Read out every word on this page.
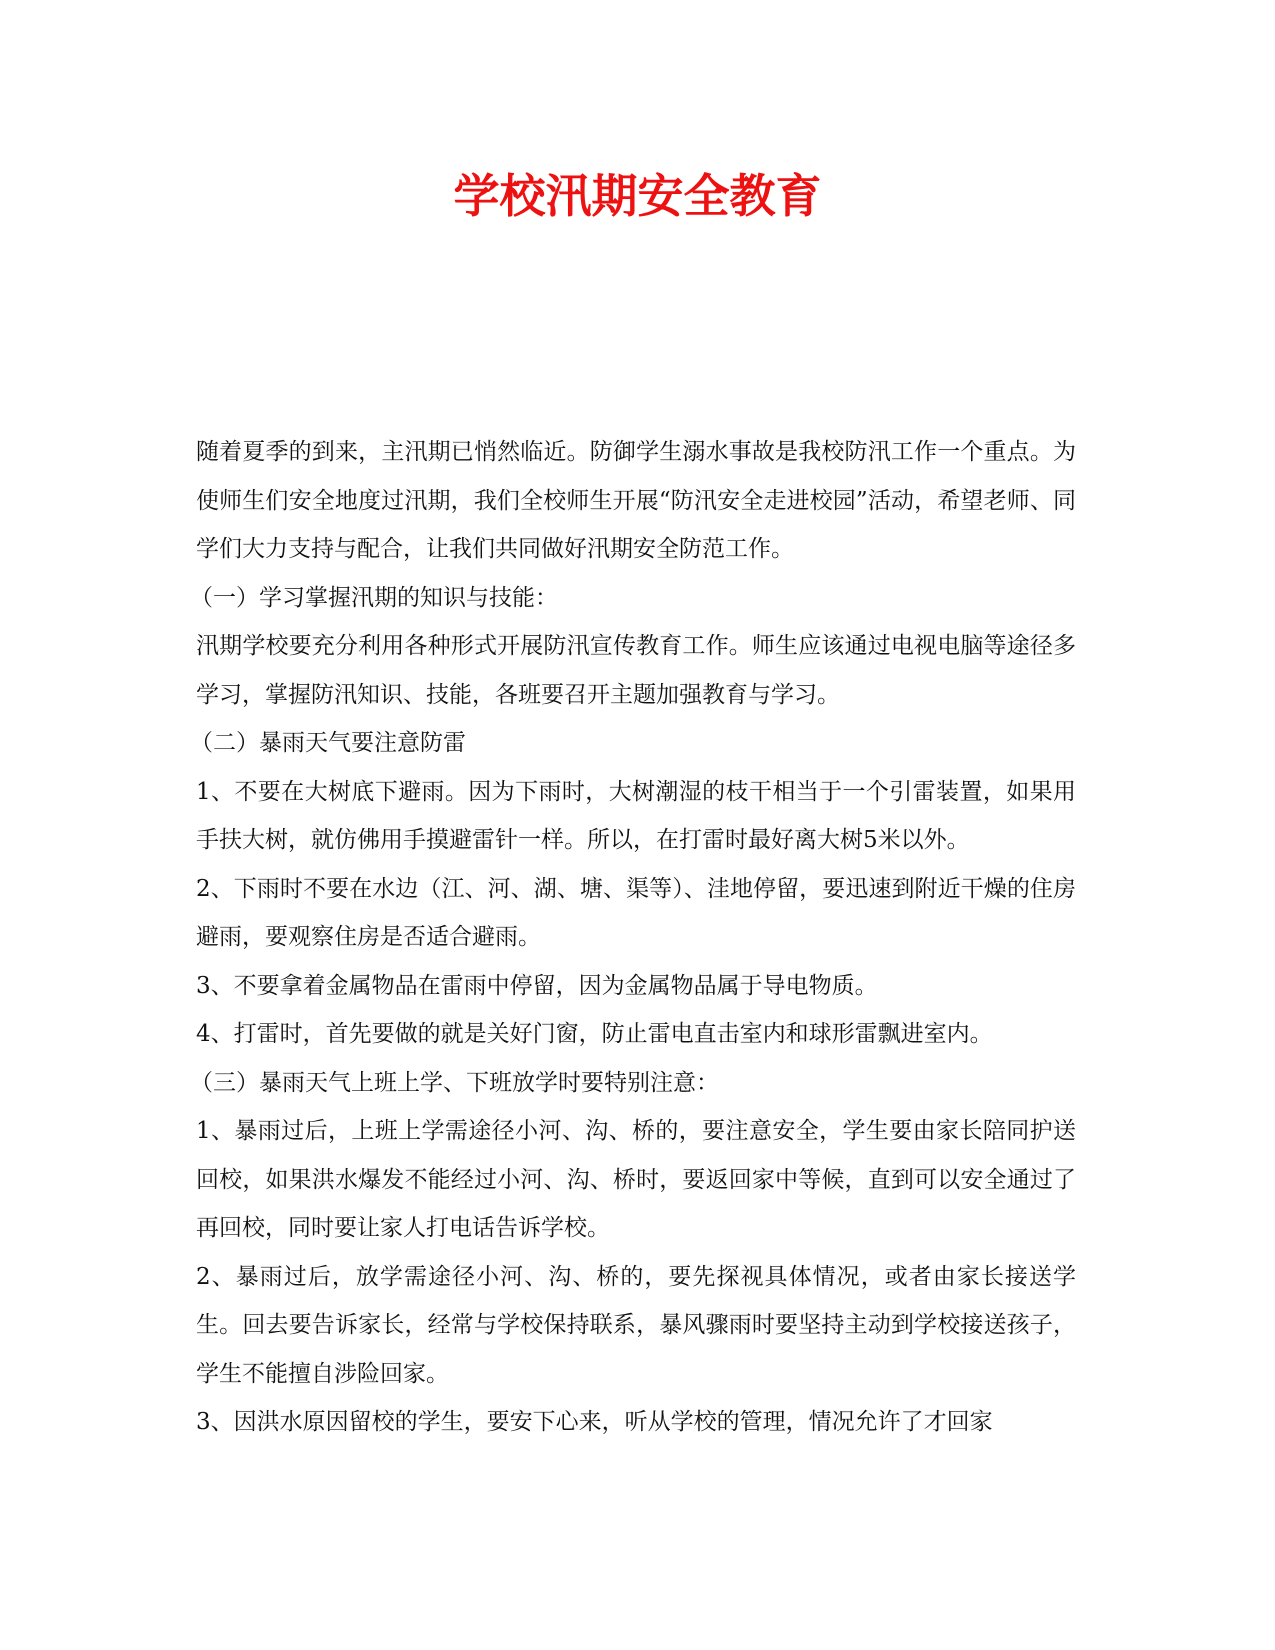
学校汛期安全教育

随着夏季的到来，主汛期已悄然临近。防御学生溺水事故是我校防汛工作一个重点。为使师生们安全地度过汛期，我们全校师生开展“防汛安全走进校园”活动，希望老师、同学们大力支持与配合，让我们共同做好汛期安全防范工作。

（一）学习掌握汛期的知识与技能：

汛期学校要充分利用各种形式开展防汛宣传教育工作。师生应该通过电视电脑等途径多学习，掌握防汛知识、技能，各班要召开主题加强教育与学习。

（二）暴雨天气要注意防雷

1、不要在大树底下避雨。因为下雨时，大树潮湿的枝干相当于一个引雷装置，如果用手扶大树，就仿佛用手摸避雷针一样。所以，在打雷时最好离大树5米以外。

2、下雨时不要在水边（江、河、湖、塘、渠等）、洼地停留，要迅速到附近干燥的住房避雨，要观察住房是否适合避雨。

3、不要拿着金属物品在雷雨中停留，因为金属物品属于导电物质。

4、打雷时，首先要做的就是关好门窗，防止雷电直击室内和球形雷飘进室内。

（三）暴雨天气上班上学、下班放学时要特别注意：

1、暴雨过后，上班上学需途径小河、沟、桥的，要注意安全，学生要由家长陪同护送回校，如果洪水爆发不能经过小河、沟、桥时，要返回家中等候，直到可以安全通过了再回校，同时要让家人打电话告诉学校。

2、暴雨过后，放学需途径小河、沟、桥的，要先探视具体情况，或者由家长接送学生。回去要告诉家长，经常与学校保持联系，暴风骤雨时要坚持主动到学校接送孩子，学生不能擅自涉险回家。

3、因洪水原因留校的学生，要安下心来，听从学校的管理，情况允许了才回家
